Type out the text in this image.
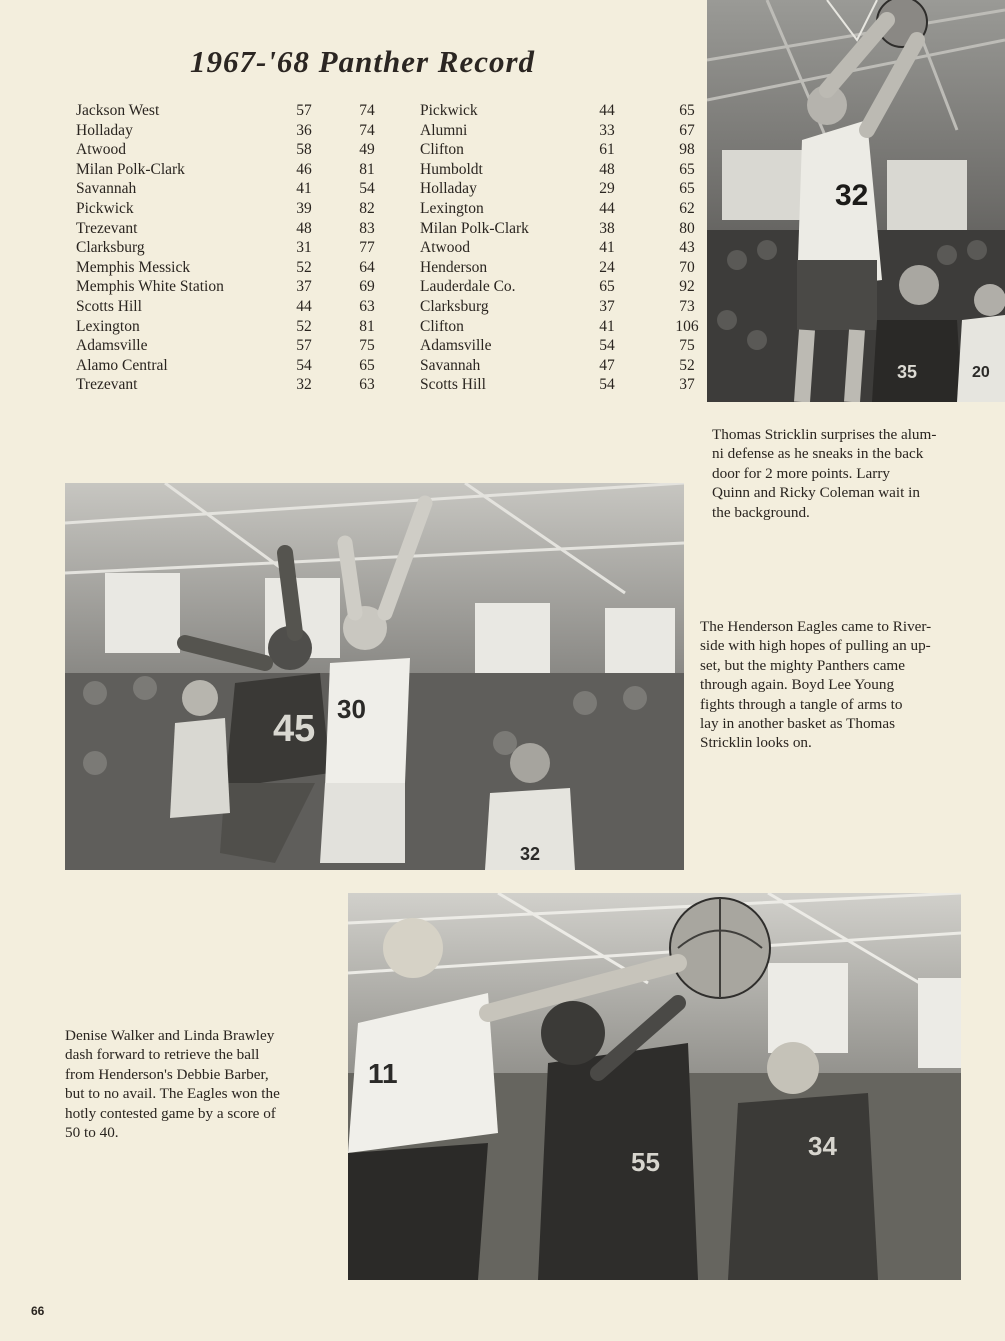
1967-'68 Panther Record
Jackson West	57	74
Holladay	36	74
Atwood	58	49
Milan Polk-Clark	46	81
Savannah	41	54
Pickwick	39	82
Trezevant	48	83
Clarksburg	31	77
Memphis Messick	52	64
Memphis White Station	37	69
Scotts Hill	44	63
Lexington	52	81
Adamsville	57	75
Alamo Central	54	65
Trezevant	32	63
Pickwick	44	65
Alumni	33	67
Clifton	61	98
Humboldt	48	65
Holladay	29	65
Lexington	44	62
Milan Polk-Clark	38	80
Atwood	41	43
Henderson	24	70
Lauderdale Co.	65	92
Clarksburg	37	73
Clifton	41	106
Adamsville	54	75
Savannah	47	52
Scotts Hill	54	37
32
35	20
Thomas Stricklin surprises the alum-
ni defense as he sneaks in the back
door for 2 more points. Larry
Quinn and Ricky Coleman wait in
the background.
45 30
32
The Henderson Eagles came to River-
side with high hopes of pulling an up-
set, but the mighty Panthers came
through again. Boyd Lee Young
fights through a tangle of arms to
lay in another basket as Thomas
Stricklin looks on.
11
55
34
Denise Walker and Linda Brawley
dash forward to retrieve the ball
from Henderson's Debbie Barber,
but to no avail. The Eagles won the
hotly contested game by a score of
50 to 40.
66
